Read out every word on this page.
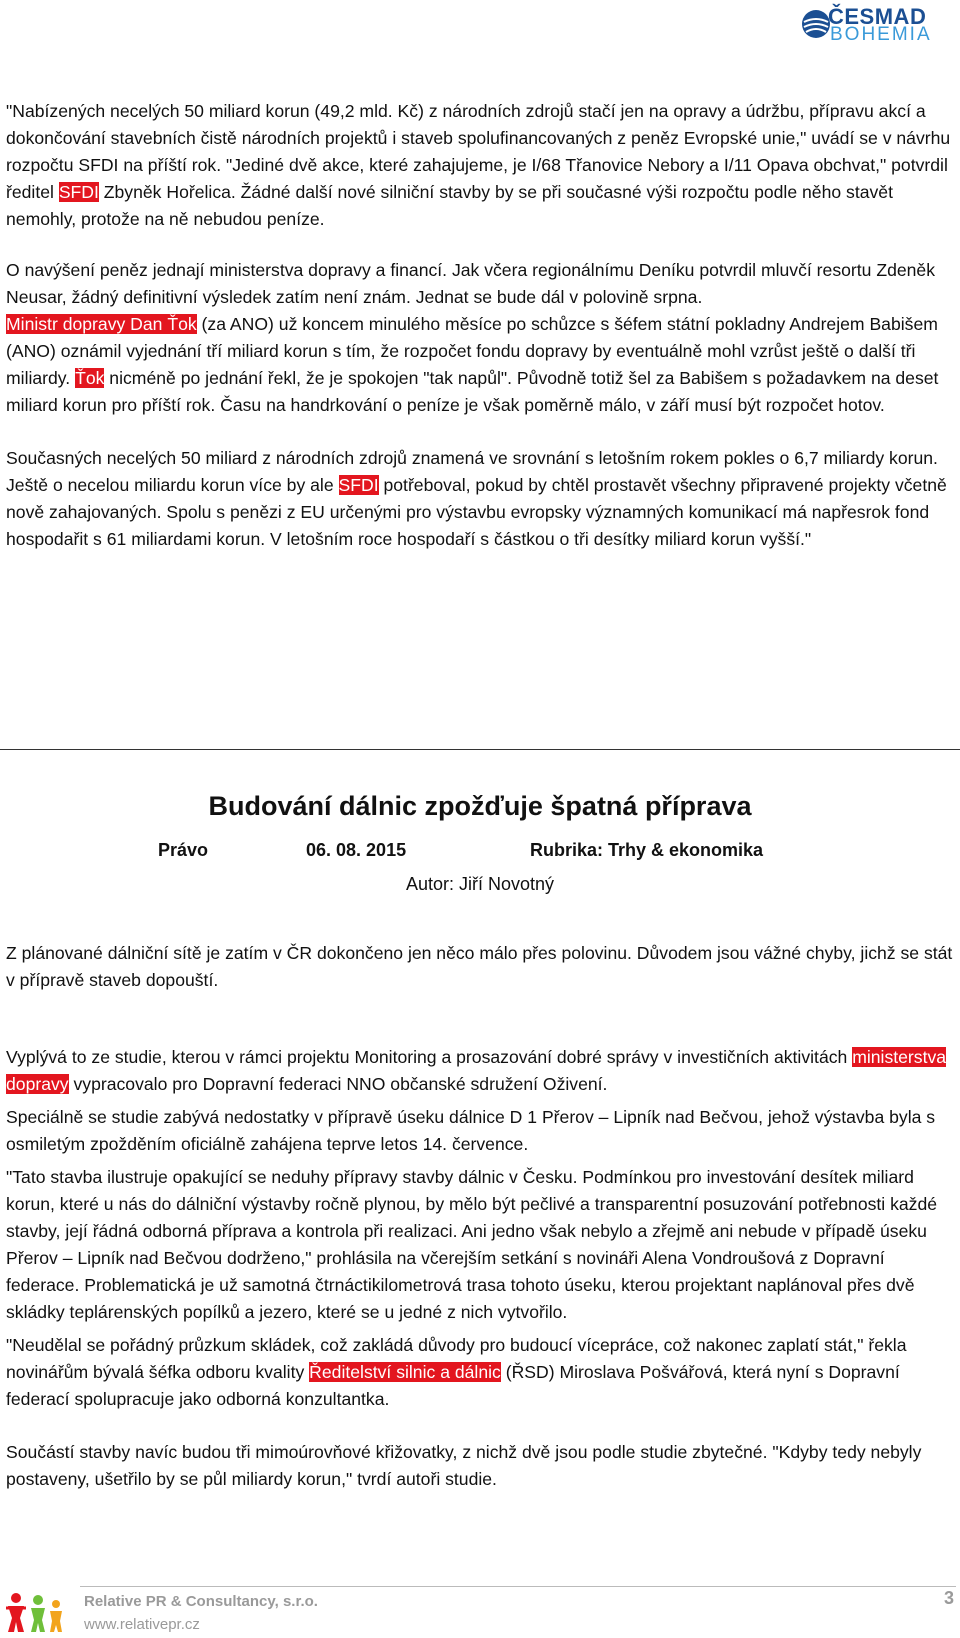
ČESMAD
BOHEMIA

"Nabízených necelých 50 miliard korun (49,2 mld. Kč) z národních zdrojů stačí jen na opravy a údržbu, přípravu akcí a dokončování stavebních čistě národních projektů i staveb spolufinancovaných z peněz Evropské unie," uvádí se v návrhu rozpočtu SFDI na příští rok. "Jediné dvě akce, které zahajujeme, je I/68 Třanovice Nebory a I/11 Opava obchvat," potvrdil ředitel SFDI Zbyněk Hořelica. Žádné další nové silniční stavby by se při současné výši rozpočtu podle něho stavět nemohly, protože na ně nebudou peníze.

O navýšení peněz jednají ministerstva dopravy a financí. Jak včera regionálnímu Deníku potvrdil mluvčí resortu Zdeněk Neusar, žádný definitivní výsledek zatím není znám. Jednat se bude dál v polovině srpna.

Ministr dopravy Dan Ťok (za ANO) už koncem minulého měsíce po schůzce s šéfem státní pokladny Andrejem Babišem (ANO) oznámil vyjednání tří miliard korun s tím, že rozpočet fondu dopravy by eventuálně mohl vzrůst ještě o další tři miliardy. Ťok nicméně po jednání řekl, že je spokojen "tak napůl". Původně totiž šel za Babišem s požadavkem na deset miliard korun pro příští rok. Času na handrkování o peníze je však poměrně málo, v září musí být rozpočet hotov.

Současných necelých 50 miliard z národních zdrojů znamená ve srovnání s letošním rokem pokles o 6,7 miliardy korun. Ještě o necelou miliardu korun více by ale SFDI potřeboval, pokud by chtěl prostavět všechny připravené projekty včetně nově zahajovaných. Spolu s penězi z EU určenými pro výstavbu evropsky významných komunikací má napřesrok fond hospodařit s 61 miliardami korun. V letošním roce hospodaří s částkou o tři desítky miliard korun vyšší."

Budování dálnic zpožďuje špatná příprava
Právo	06. 08. 2015	Rubrika: Trhy & ekonomika
Autor: Jiří Novotný

Z plánované dálniční sítě je zatím v ČR dokončeno jen něco málo přes polovinu. Důvodem jsou vážné chyby, jichž se stát v přípravě staveb dopouští.

Vyplývá to ze studie, kterou v rámci projektu Monitoring a prosazování dobré správy v investičních aktivitách ministerstva dopravy vypracovalo pro Dopravní federaci NNO občanské sdružení Oživení.

Speciálně se studie zabývá nedostatky v přípravě úseku dálnice D 1 Přerov – Lipník nad Bečvou, jehož výstavba byla s osmiletým zpožděním oficiálně zahájena teprve letos 14. července.

"Tato stavba ilustruje opakující se neduhy přípravy stavby dálnic v Česku. Podmínkou pro investování desítek miliard korun, které u nás do dálniční výstavby ročně plynou, by mělo být pečlivé a transparentní posuzování potřebnosti každé stavby, její řádná odborná příprava a kontrola při realizaci. Ani jedno však nebylo a zřejmě ani nebude v případě úseku Přerov – Lipník nad Bečvou dodrženo," prohlásila na včerejším setkání s novináři Alena Vondroušová z Dopravní federace. Problematická je už samotná čtrnáctikilometrová trasa tohoto úseku, kterou projektant naplánoval přes dvě skládky teplárenských popílků a jezero, které se u jedné z nich vytvořilo.

"Neudělal se pořádný průzkum skládek, což zakládá důvody pro budoucí vícepráce, což nakonec zaplatí stát," řekla novinářům bývalá šéfka odboru kvality Ředitelství silnic a dálnic (ŘSD) Miroslava Pošvářová, která nyní s Dopravní federací spolupracuje jako odborná konzultantka.

Součástí stavby navíc budou tři mimoúrovňové křižovatky, z nichž dvě jsou podle studie zbytečné. "Kdyby tedy nebyly postaveny, ušetřilo by se půl miliardy korun," tvrdí autoři studie.

Relative PR & Consultancy, s.r.o.
www.relativepr.cz
3
